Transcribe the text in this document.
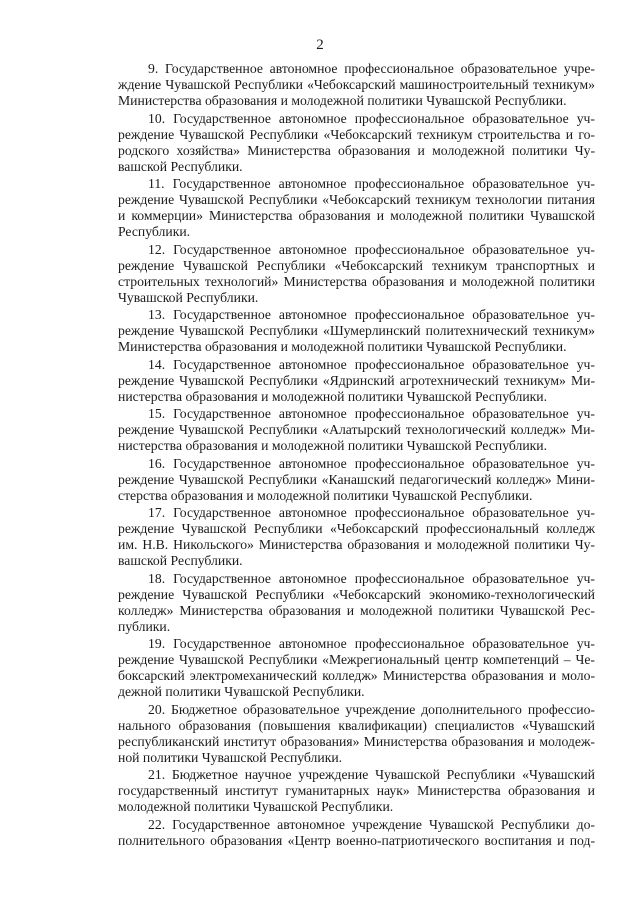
2

9. Государственное автономное профессиональное образовательное учре-
ждение Чувашской Республики «Чебоксарский машиностроительный техникум»
Министерства образования и молодежной политики Чувашской Республики.

10. Государственное автономное профессиональное образовательное уч-
реждение Чувашской Республики «Чебоксарский техникум строительства и го-
родского хозяйства» Министерства образования и молодежной политики Чу-
вашской Республики.

11. Государственное автономное профессиональное образовательное уч-
реждение Чувашской Республики «Чебоксарский техникум технологии питания
и коммерции» Министерства образования и молодежной политики Чувашской
Республики.

12. Государственное автономное профессиональное образовательное уч-
реждение Чувашской Республики «Чебоксарский техникум транспортных и
строительных технологий» Министерства образования и молодежной политики
Чувашской Республики.

13. Государственное автономное профессиональное образовательное уч-
реждение Чувашской Республики «Шумерлинский политехнический техникум»
Министерства образования и молодежной политики Чувашской Республики.

14. Государственное автономное профессиональное образовательное уч-
реждение Чувашской Республики «Ядринский агротехнический техникум» Ми-
нистерства образования и молодежной политики Чувашской Республики.

15. Государственное автономное профессиональное образовательное уч-
реждение Чувашской Республики «Алатырский технологический колледж» Ми-
нистерства образования и молодежной политики Чувашской Республики.

16. Государственное автономное профессиональное образовательное уч-
реждение Чувашской Республики «Канашский педагогический колледж» Мини-
стерства образования и молодежной политики Чувашской Республики.

17. Государственное автономное профессиональное образовательное уч-
реждение Чувашской Республики «Чебоксарский профессиональный колледж
им. Н.В. Никольского» Министерства образования и молодежной политики Чу-
вашской Республики.

18. Государственное автономное профессиональное образовательное уч-
реждение Чувашской Республики «Чебоксарский экономико-технологический
колледж» Министерства образования и молодежной политики Чувашской Рес-
публики.

19. Государственное автономное профессиональное образовательное уч-
реждение Чувашской Республики «Межрегиональный центр компетенций – Че-
боксарский электромеханический колледж» Министерства образования и моло-
дежной политики Чувашской Республики.

20. Бюджетное образовательное учреждение дополнительного профессио-
нального образования (повышения квалификации) специалистов «Чувашский
республиканский институт образования» Министерства образования и молодеж-
ной политики Чувашской Республики.

21. Бюджетное научное учреждение Чувашской Республики «Чувашский
государственный институт гуманитарных наук» Министерства образования и
молодежной политики Чувашской Республики.

22. Государственное автономное учреждение Чувашской Республики до-
полнительного образования «Центр военно-патриотического воспитания и под-
